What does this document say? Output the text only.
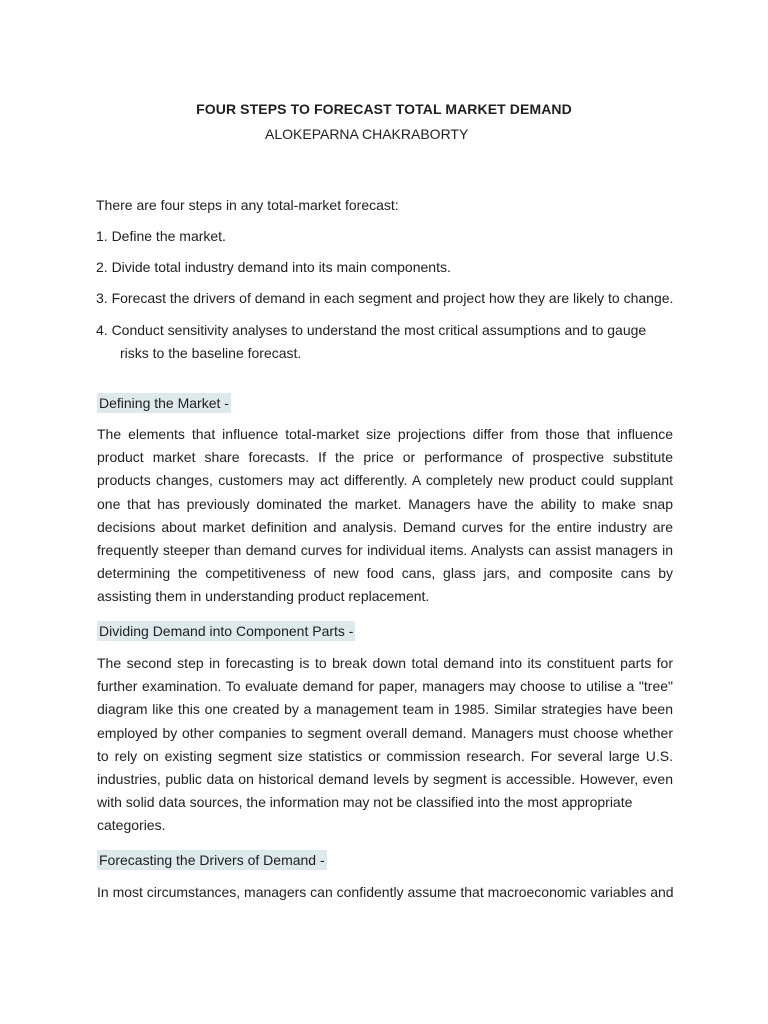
FOUR STEPS TO FORECAST TOTAL MARKET DEMAND
ALOKEPARNA CHAKRABORTY
There are four steps in any total-market forecast:
1. Define the market.
2. Divide total industry demand into its main components.
3. Forecast the drivers of demand in each segment and project how they are likely to change.
4. Conduct sensitivity analyses to understand the most critical assumptions and to gauge
risks to the baseline forecast.
Defining the Market -
The elements that influence total-market size projections differ from those that influence
product market share forecasts. If the price or performance of prospective substitute
products changes, customers may act differently. A completely new product could supplant
one that has previously dominated the market. Managers have the ability to make snap
decisions about market definition and analysis. Demand curves for the entire industry are
frequently steeper than demand curves for individual items. Analysts can assist managers in
determining the competitiveness of new food cans, glass jars, and composite cans by
assisting them in understanding product replacement.
Dividing Demand into Component Parts -
The second step in forecasting is to break down total demand into its constituent parts for
further examination. To evaluate demand for paper, managers may choose to utilise a "tree"
diagram like this one created by a management team in 1985. Similar strategies have been
employed by other companies to segment overall demand. Managers must choose whether
to rely on existing segment size statistics or commission research. For several large U.S.
industries, public data on historical demand levels by segment is accessible. However, even
with solid data sources, the information may not be classified into the most appropriate
categories.
Forecasting the Drivers of Demand -
In most circumstances, managers can confidently assume that macroeconomic variables and
